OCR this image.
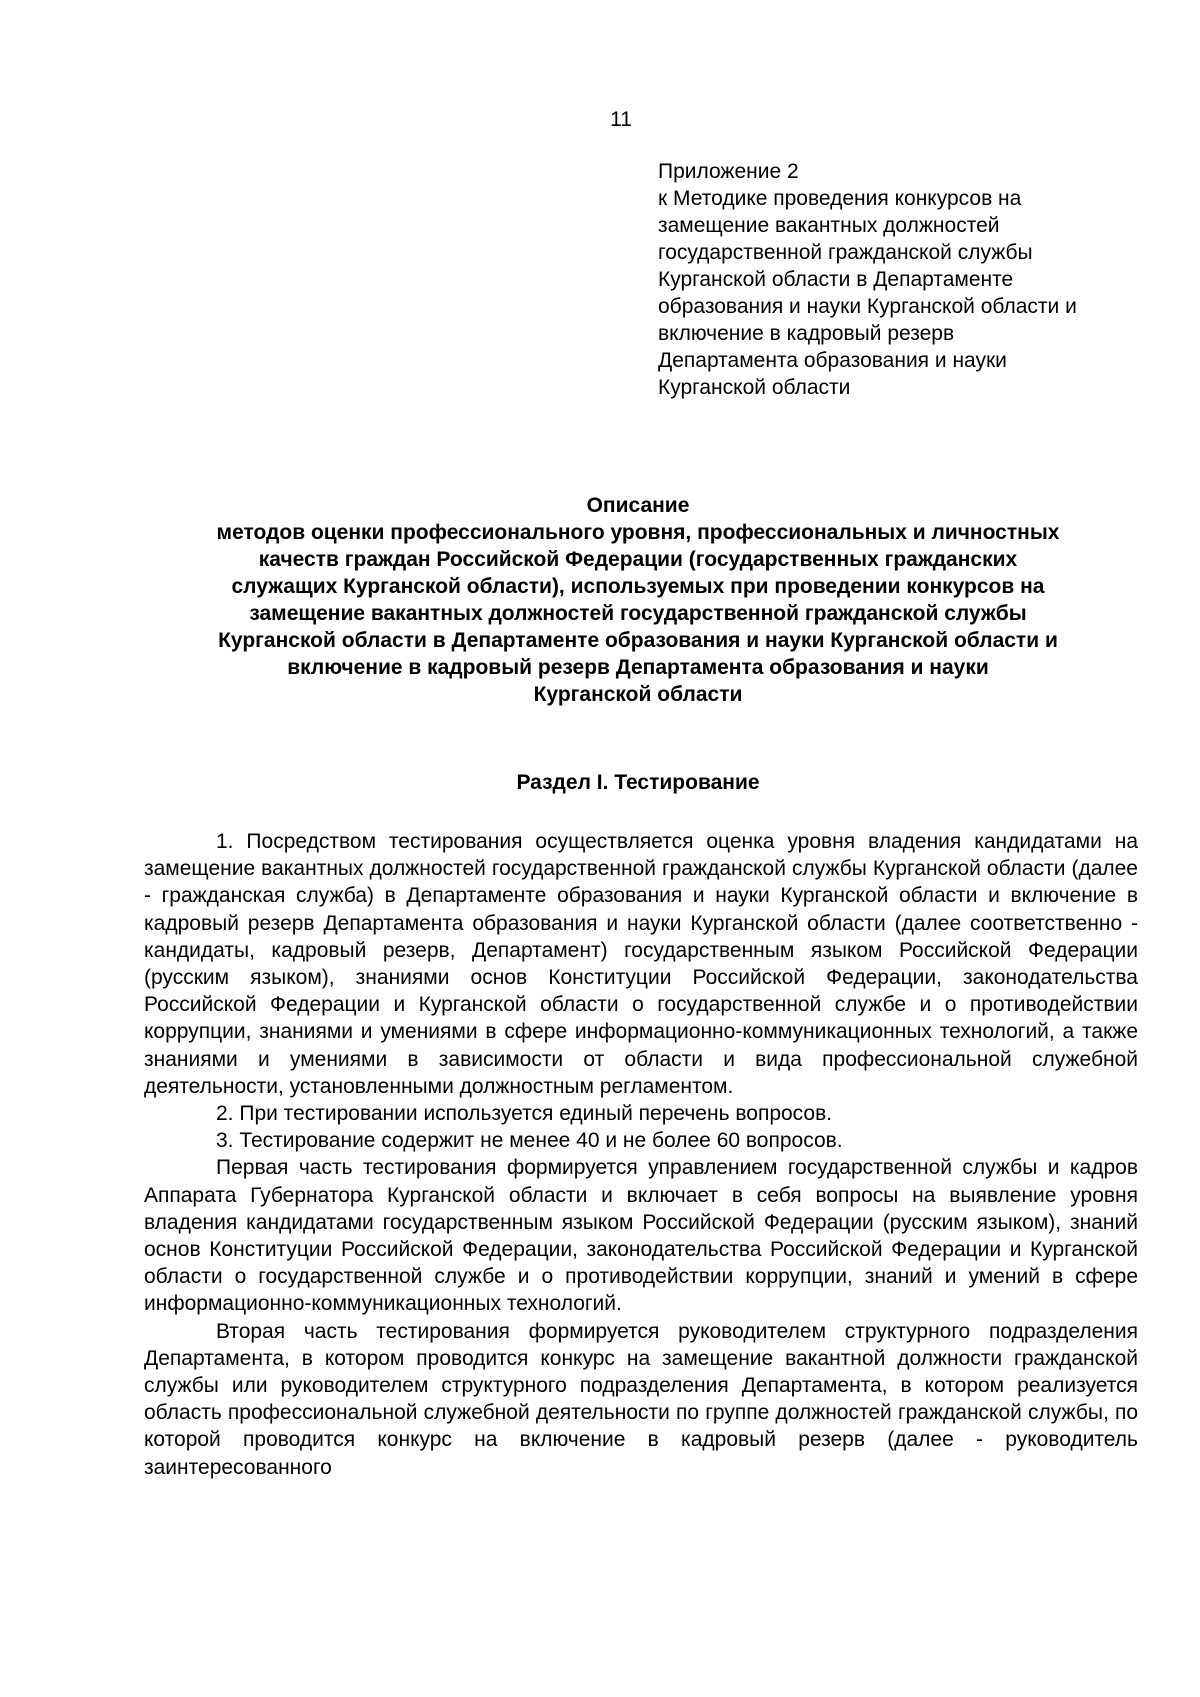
11
Приложение 2
к Методике проведения конкурсов на
замещение вакантных должностей
государственной гражданской службы
Курганской области в Департаменте
образования и науки Курганской области и
включение в кадровый резерв
Департамента образования и науки
Курганской области
Описание
методов оценки профессионального уровня, профессиональных и личностных
качеств граждан Российской Федерации (государственных гражданских
служащих Курганской области), используемых при проведении конкурсов на
замещение вакантных должностей государственной гражданской службы
Курганской области в Департаменте образования и науки Курганской области и
включение в кадровый резерв Департамента образования и науки
Курганской области
Раздел I. Тестирование

1. Посредством тестирования осуществляется оценка уровня владения кандидатами на замещение вакантных должностей государственной гражданской службы Курганской области (далее - гражданская служба) в Департаменте образования и науки Курганской области и включение в кадровый резерв Департамента образования и науки Курганской области (далее соответственно - кандидаты, кадровый резерв, Департамент) государственным языком Российской Федерации (русским языком), знаниями основ Конституции Российской Федерации, законодательства Российской Федерации и Курганской области о государственной службе и о противодействии коррупции, знаниями и умениями в сфере информационно-коммуникационных технологий, а также знаниями и умениями в зависимости от области и вида профессиональной служебной деятельности, установленными должностным регламентом.

2. При тестировании используется единый перечень вопросов.

3. Тестирование содержит не менее 40 и не более 60 вопросов.

Первая часть тестирования формируется управлением государственной службы и кадров Аппарата Губернатора Курганской области и включает в себя вопросы на выявление уровня владения кандидатами государственным языком Российской Федерации (русским языком), знаний основ Конституции Российской Федерации, законодательства Российской Федерации и Курганской области о государственной службе и о противодействии коррупции, знаний и умений в сфере информационно-коммуникационных технологий.

Вторая часть тестирования формируется руководителем структурного подразделения Департамента, в котором проводится конкурс на замещение вакантной должности гражданской службы или руководителем структурного подразделения Департамента, в котором реализуется область профессиональной служебной деятельности по группе должностей гражданской службы, по которой проводится конкурс на включение в кадровый резерв (далее - руководитель заинтересованного
